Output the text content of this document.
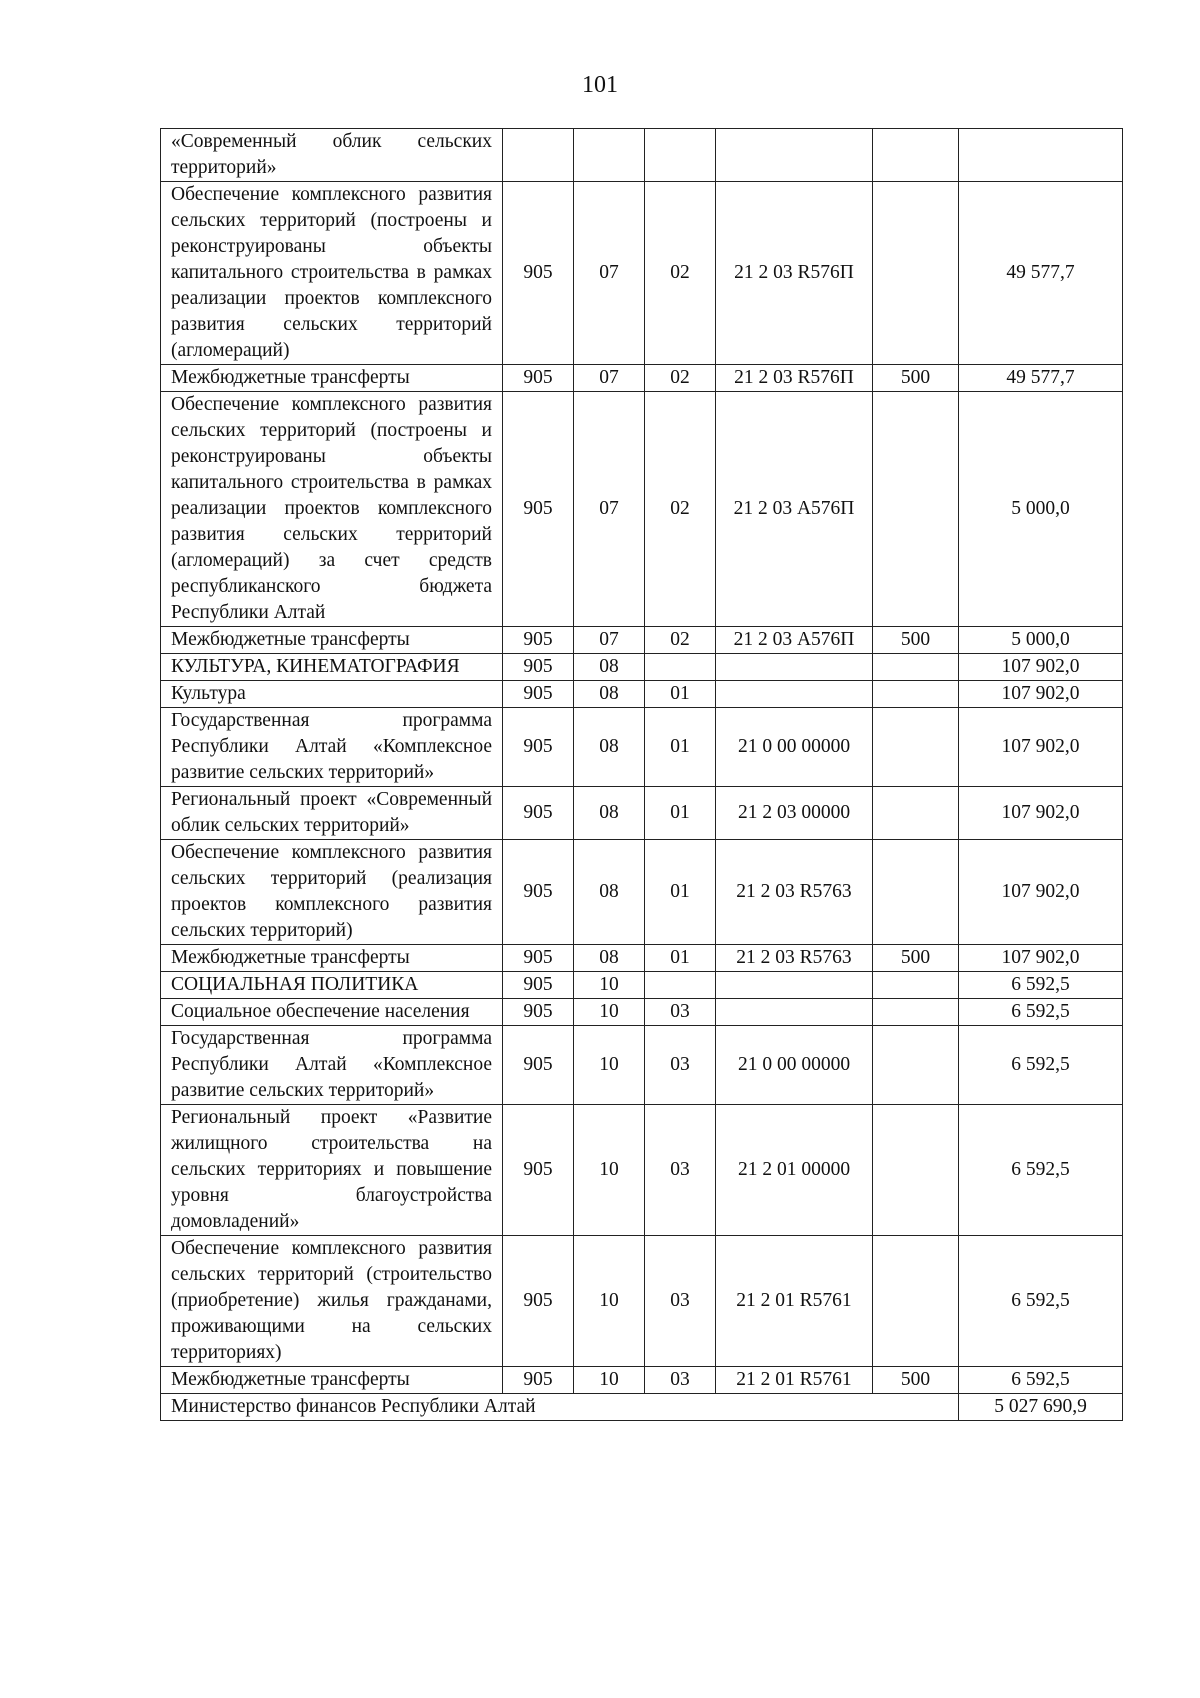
101
«Современный облик сельских территорий»						
Обеспечение комплексного развития сельских территорий (построены и реконструированы объекты капитального строительства в рамках реализации проектов комплексного развития сельских территорий (агломераций)	905	07	02	21 2 03 R576П		49 577,7
Межбюджетные трансферты	905	07	02	21 2 03 R576П	500	49 577,7
Обеспечение комплексного развития сельских территорий (построены и реконструированы объекты капитального строительства в рамках реализации проектов комплексного развития сельских территорий (агломераций) за счет средств республиканского бюджета Республики Алтай	905	07	02	21 2 03 А576П		5 000,0
Межбюджетные трансферты	905	07	02	21 2 03 А576П	500	5 000,0
КУЛЬТУРА, КИНЕМАТОГРАФИЯ	905	08				107 902,0
Культура	905	08	01			107 902,0
Государственная программа Республики Алтай «Комплексное развитие сельских территорий»	905	08	01	21 0 00 00000		107 902,0
Региональный проект «Современный облик сельских территорий»	905	08	01	21 2 03 00000		107 902,0
Обеспечение комплексного развития сельских территорий (реализация проектов комплексного развития сельских территорий)	905	08	01	21 2 03 R5763		107 902,0
Межбюджетные трансферты	905	08	01	21 2 03 R5763	500	107 902,0
СОЦИАЛЬНАЯ ПОЛИТИКА	905	10				6 592,5
Социальное обеспечение населения	905	10	03			6 592,5
Государственная программа Республики Алтай «Комплексное развитие сельских территорий»	905	10	03	21 0 00 00000		6 592,5
Региональный проект «Развитие жилищного строительства на сельских территориях и повышение уровня благоустройства домовладений»	905	10	03	21 2 01 00000		6 592,5
Обеспечение комплексного развития сельских территорий (строительство (приобретение) жилья гражданами, проживающими на сельских территориях)	905	10	03	21 2 01 R5761		6 592,5
Межбюджетные трансферты	905	10	03	21 2 01 R5761	500	6 592,5
Министерство финансов Республики Алтай						5 027 690,9
